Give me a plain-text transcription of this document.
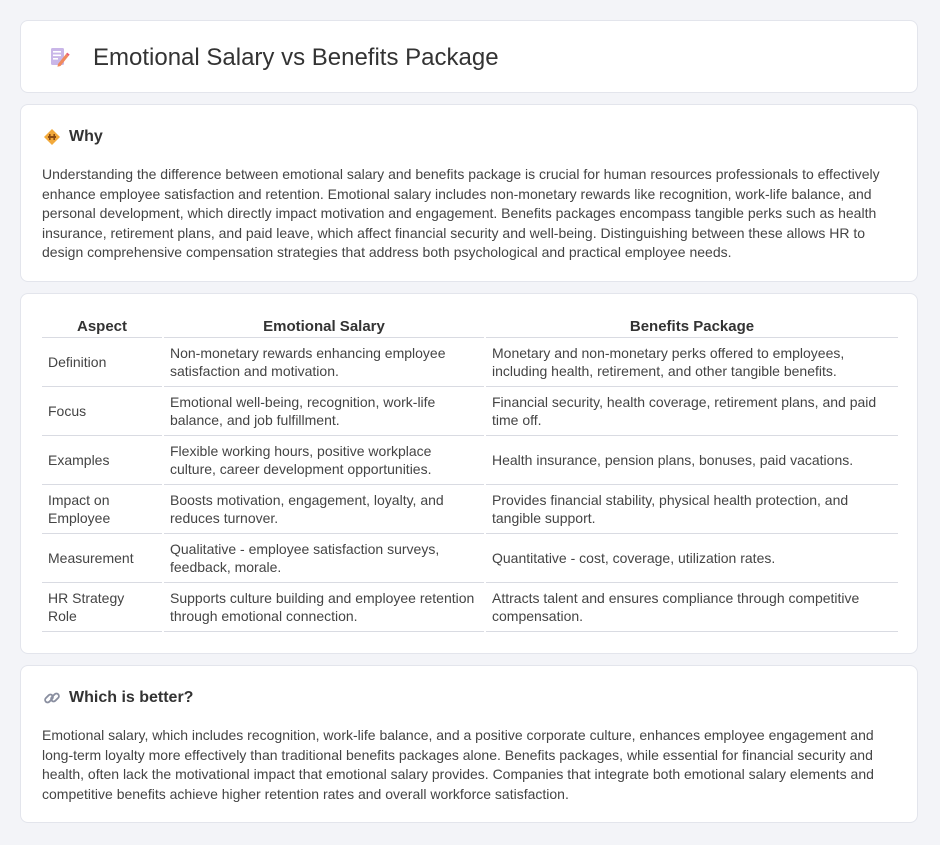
Emotional Salary vs Benefits Package
Why

Understanding the difference between emotional salary and benefits package is crucial for human resources professionals to effectively enhance employee satisfaction and retention. Emotional salary includes non-monetary rewards like recognition, work-life balance, and personal development, which directly impact motivation and engagement. Benefits packages encompass tangible perks such as health insurance, retirement plans, and paid leave, which affect financial security and well-being. Distinguishing between these allows HR to design comprehensive compensation strategies that address both psychological and practical employee needs.

Aspect	Emotional Salary	Benefits Package
Definition	Non-monetary rewards enhancing employee satisfaction and motivation.	Monetary and non-monetary perks offered to employees, including health, retirement, and other tangible benefits.
Focus	Emotional well-being, recognition, work-life balance, and job fulfillment.	Financial security, health coverage, retirement plans, and paid time off.
Examples	Flexible working hours, positive workplace culture, career development opportunities.	Health insurance, pension plans, bonuses, paid vacations.
Impact on Employee	Boosts motivation, engagement, loyalty, and reduces turnover.	Provides financial stability, physical health protection, and tangible support.
Measurement	Qualitative - employee satisfaction surveys, feedback, morale.	Quantitative - cost, coverage, utilization rates.
HR Strategy Role	Supports culture building and employee retention through emotional connection.	Attracts talent and ensures compliance through competitive compensation.
Which is better?

Emotional salary, which includes recognition, work-life balance, and a positive corporate culture, enhances employee engagement and long-term loyalty more effectively than traditional benefits packages alone. Benefits packages, while essential for financial security and health, often lack the motivational impact that emotional salary provides. Companies that integrate both emotional salary elements and competitive benefits achieve higher retention rates and overall workforce satisfaction.
